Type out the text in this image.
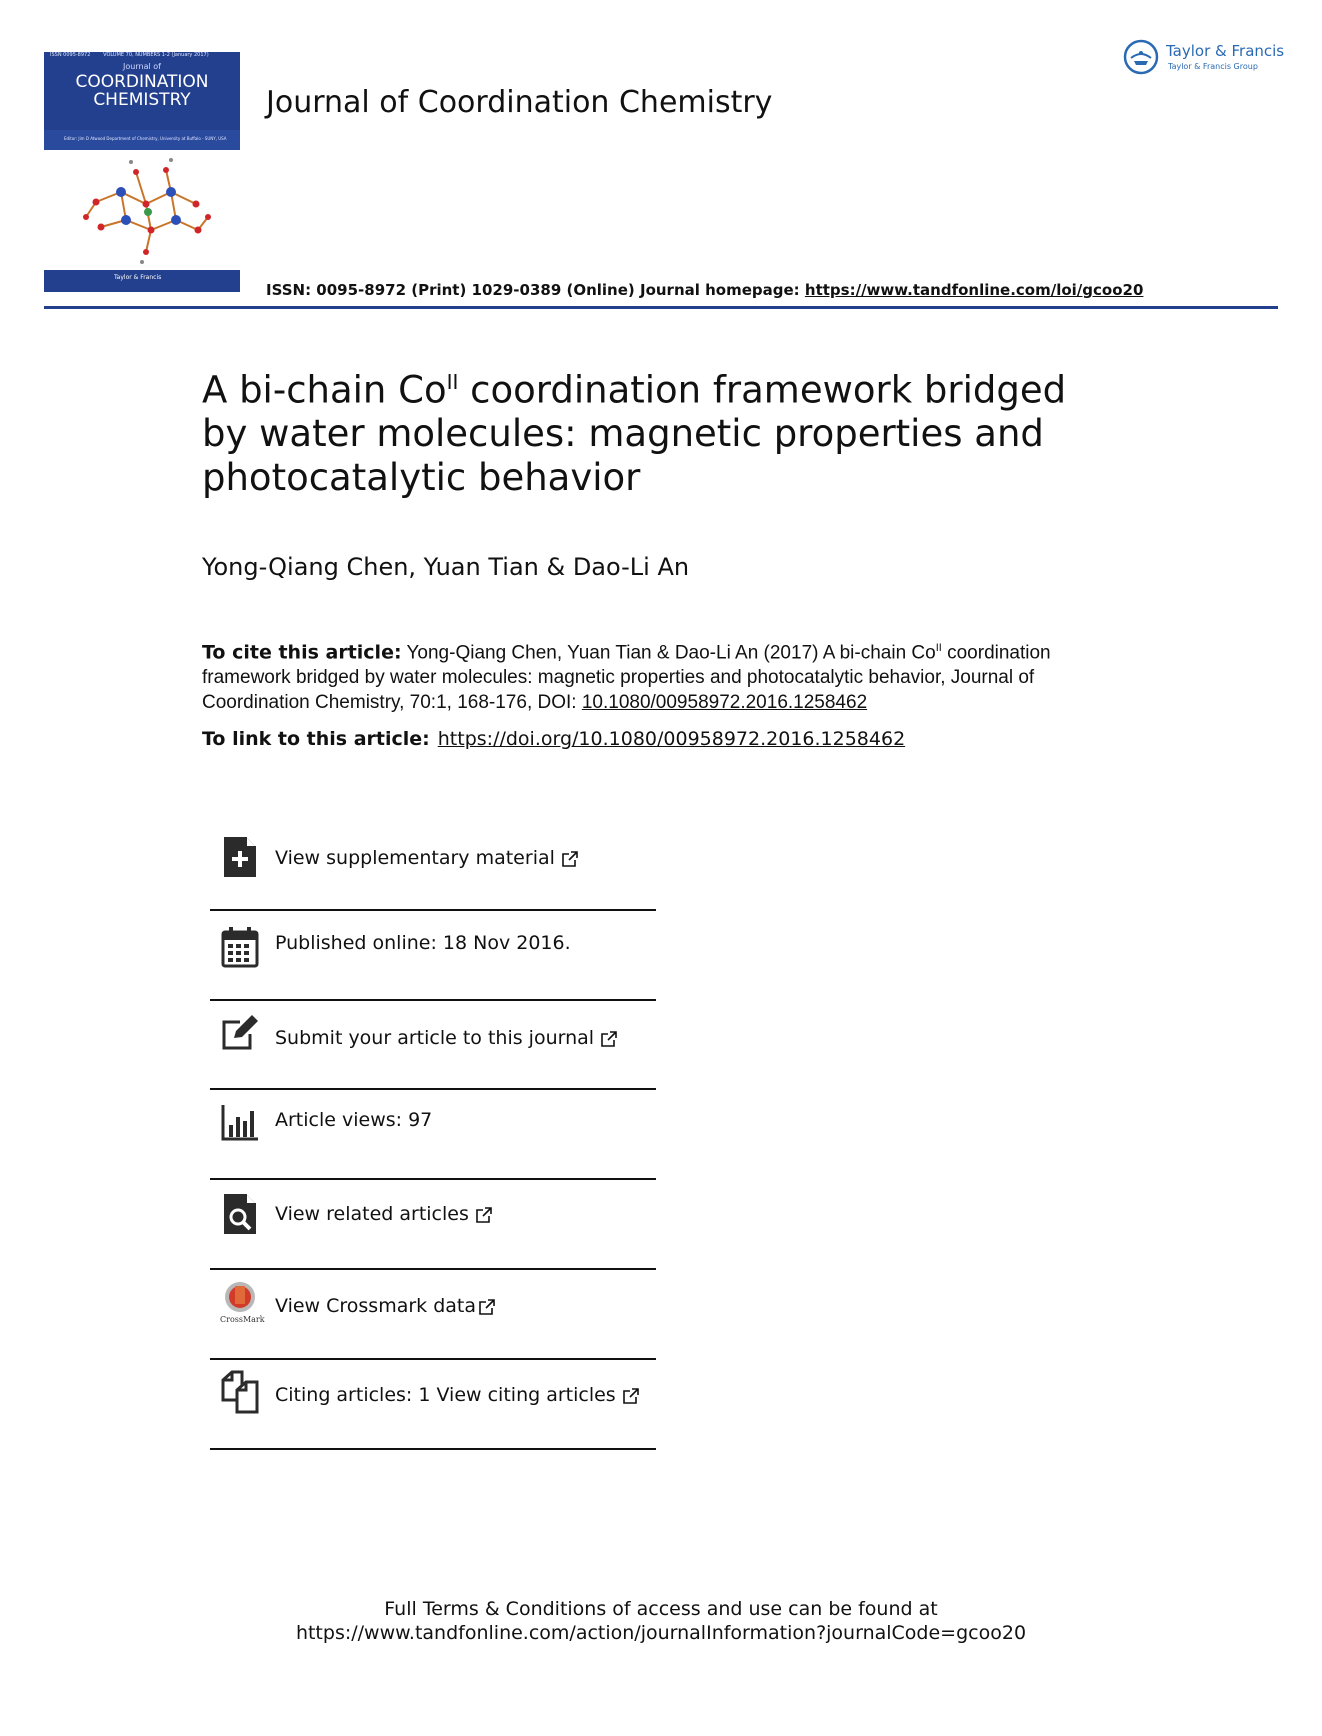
ISSN 0095-8972	VOLUME 70, NUMBERS 1-2 (January 2017)
Journal of
COORDINATION
CHEMISTRY
Editor: Jim D Atwood Department of Chemistry, University at Buffalo - SUNY, USA
Taylor & Francis
Journal of Coordination Chemistry
Taylor & Francis
Taylor & Francis Group
ISSN: 0095-8972 (Print) 1029-0389 (Online) Journal homepage: https://www.tandfonline.com/loi/gcoo20
A bi-chain $Co^{II}$ coordination framework bridged by water molecules: magnetic properties and photocatalytic behavior
Yong-Qiang Chen, Yuan Tian & Dao-Li An
To cite this article: Yong-Qiang Chen, Yuan Tian & Dao-Li An (2017) A bi-chain $Co^{II}$ coordination framework bridged by water molecules: magnetic properties and photocatalytic behavior, Journal of Coordination Chemistry, 70:1, 168-176, DOI: 10.1080/00958972.2016.1258462
To link to this article: https://doi.org/10.1080/00958972.2016.1258462
View supplementary material
Published online: 18 Nov 2016.
Submit your article to this journal
Article views: 97
View related articles
CrossMark
View Crossmark data
Citing articles: 1 View citing articles
Full Terms & Conditions of access and use can be found at
https://www.tandfonline.com/action/journalInformation?journalCode=gcoo20
